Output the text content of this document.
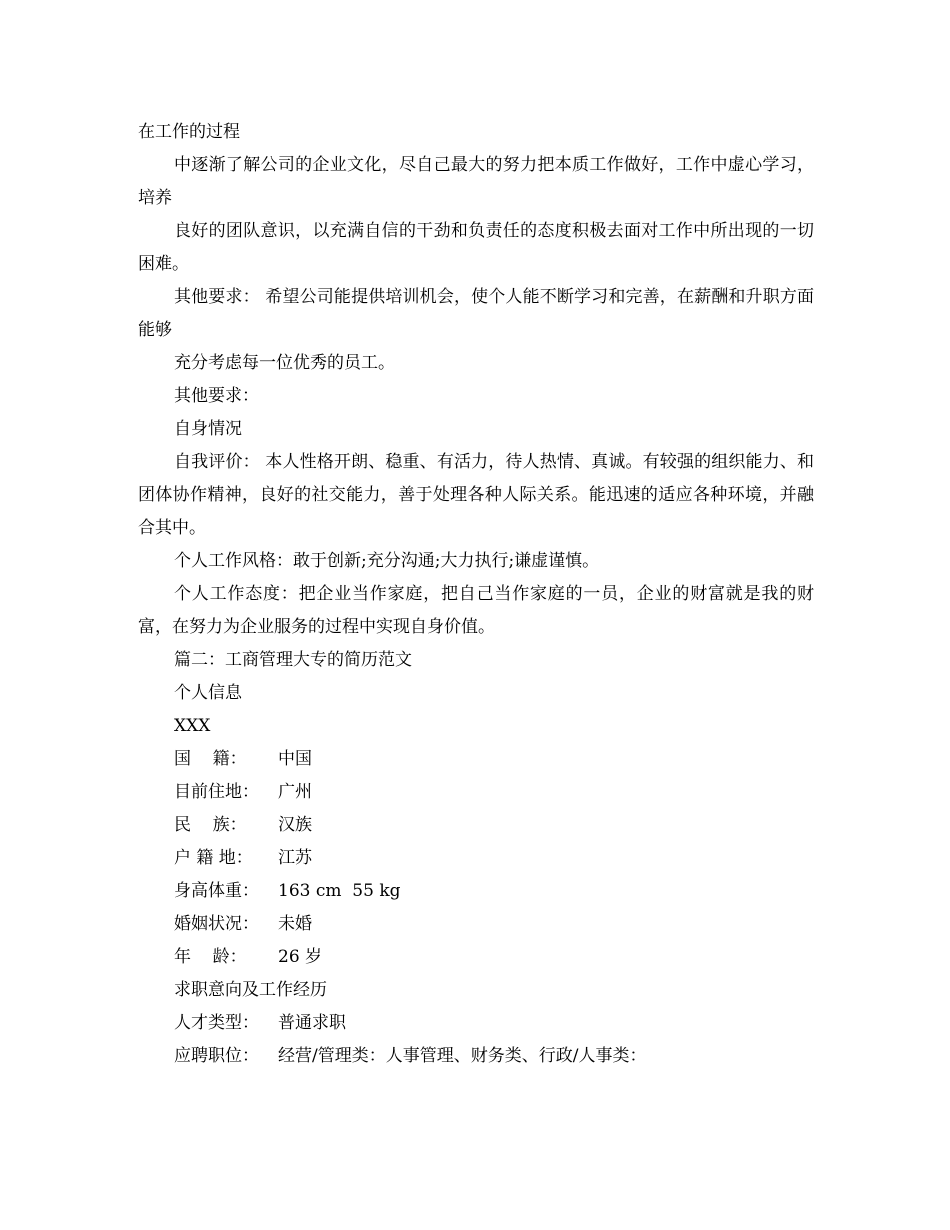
在工作的过程

中逐渐了解公司的企业文化，尽自己最大的努力把本质工作做好，工作中虚心学习，培养

良好的团队意识，以充满自信的干劲和负责任的态度积极去面对工作中所出现的一切困难。

其他要求： 希望公司能提供培训机会，使个人能不断学习和完善，在薪酬和升职方面能够

充分考虑每一位优秀的员工。

其他要求：

自身情况

自我评价： 本人性格开朗、稳重、有活力，待人热情、真诚。有较强的组织能力、和团体协作精神，良好的社交能力，善于处理各种人际关系。能迅速的适应各种环境，并融合其中。

个人工作风格：敢于创新;充分沟通;大力执行;谦虚谨慎。

个人工作态度：把企业当作家庭，把自己当作家庭的一员，企业的财富就是我的财富，在努力为企业服务的过程中实现自身价值。

篇二：工商管理大专的简历范文

个人信息

XXX

国    籍：	中国
目前住地：	广州
民    族：	汉族
户 籍 地：	江苏
身高体重：	163 cm  55 kg
婚姻状况：	未婚
年    龄：	26 岁

求职意向及工作经历

人才类型：	普通求职
应聘职位：	经营/管理类：人事管理、财务类、行政/人事类：
